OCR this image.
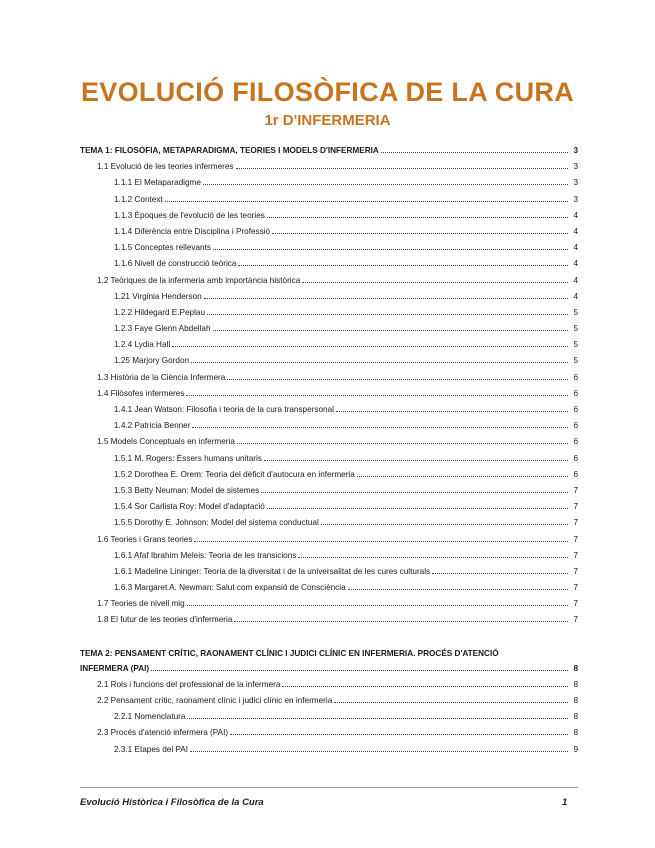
EVOLUCIÓ FILOSÒFICA DE LA CURA
1r D'INFERMERIA
TEMA 1: FILOSOFIA, METAPARADIGMA, TEORIES I MODELS D'INFERMERIA	3
1.1 Evolució de les teories infermeres	3
1.1.1 El Metaparadigme	3
1.1.2 Context	3
1.1.3 Èpoques de l'evolució de les teories	4
1.1.4 Diferència entre Disciplina i Professió	4
1.1.5 Conceptes rellevants	4
1.1.6 Nivell de construcció teòrica	4
1.2 Teòriques de la infermeria amb importància històrica	4
1.21 Virginia Henderson	4
1.2.2 Hildegard E.Peplau	5
1.2.3 Faye Glenn Abdellah	5
1.2.4 Lydia Hall	5
1.25 Marjory Gordon	5
1.3 Història de la Ciència Infermera	6
1.4 Filòsofes infermeres	6
1.4.1 Jean Watson: Filosofia i teoria de la cura transpersonal	6
1.4.2 Patricia Benner	6
1.5 Models Conceptuals en infermeria	6
1.5.1 M. Rogers: Éssers humans unitaris	6
1.5.2 Dorothea E. Orem: Teoria del dèficit d'autocura en infermeria	6
1.5.3 Betty Neuman: Model de sistemes	7
1.5.4 Sor Carlista Roy: Model d'adaptació	7
1.5.5 Dorothy E. Johnson: Model del sistema conductual	7
1.6 Teories i Grans teories	7
1.6.1 Afaf Ibrahim Meleis: Teoria de les transicions	7
1.6.1 Madeline Lininger: Teoria de la diversitat i de la universalitat de les cures culturals	7
1.6.3 Margaret A. Newman: Salut com expansió de Consciència	7
1.7 Teories de nivell mig	7
1.8 El futur de les teories d'infermeria	7
TEMA 2: PENSAMENT CRÍTIC, RAONAMENT CLÍNIC I JUDICI CLÍNIC EN INFERMERIA. PROCÉS D'ATENCIÓ
INFERMERA (PAI)	8
2.1 Rols i funcions del professional de la infermera	8
2.2 Pensament crític, raonament clínic i judici clínic en infermeria	8
2.2.1 Nomenclatura	8
2.3 Procés d'atenció infermera (PAI)	8
2.3.1 Etapes del PAI	9
Evolució Històrica i Filosòfica de la Cura	1
